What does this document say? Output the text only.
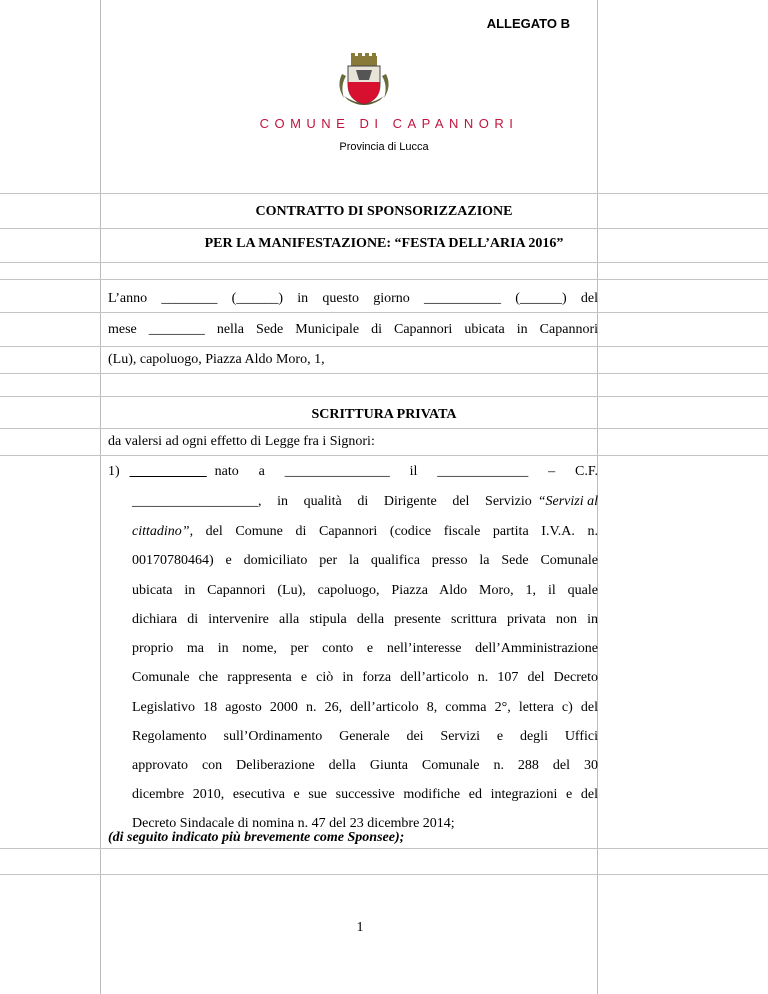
ALLEGATO B
COMUNE DI CAPANNORI
Provincia di Lucca
CONTRATTO DI SPONSORIZZAZIONE
PER LA MANIFESTAZIONE: “FESTA DELL’ARIA 2016”
L’anno ________ (______) in questo giorno ___________ (______) del
mese ________ nella Sede Municipale di Capannori ubicata in Capannori
(Lu), capoluogo, Piazza Aldo Moro, 1,
SCRITTURA PRIVATA
da valersi ad ogni effetto di Legge fra i Signori:
1) ___________ nato a _______________ il _____________ – C.F.
__________________, in qualità di Dirigente del Servizio “Servizi al
cittadino” , del Comune di Capannori (codice fiscale partita I.V.A. n.
00170780464) e domiciliato per la qualifica presso la Sede Comunale
ubicata in Capannori (Lu), capoluogo, Piazza Aldo Moro, 1, il quale
dichiara di intervenire alla stipula della presente scrittura privata non in
proprio ma in nome, per conto e nell’interesse dell’Amministrazione
Comunale che rappresenta e ciò in forza dell’articolo n. 107 del Decreto
Legislativo 18 agosto 2000 n. 26, dell’articolo 8, comma 2°, lettera c) del
Regolamento sull’Ordinamento Generale dei Servizi e degli Uffici
approvato con Deliberazione della Giunta Comunale n. 288 del 30
dicembre 2010, esecutiva e sue successive modifiche ed integrazioni e del
Decreto Sindacale di nomina n. 47 del 23 dicembre 2014;
(di seguito indicato più brevemente come Sponsee);
1
